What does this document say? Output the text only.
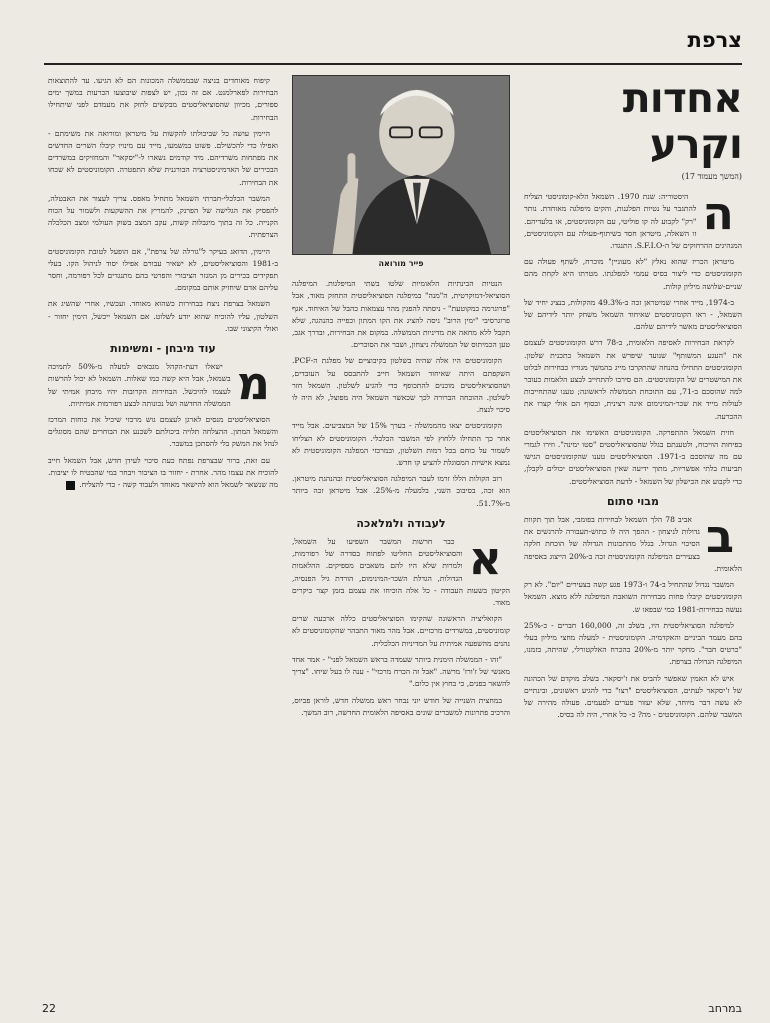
צרפת
אחדות וקרע
(המשך מעמוד 17)

ה
היסטוריה: שנת 1970. השמאל הלא-קומוניסטי הצליח להתגבר על נטיות הפלגנות, והקים מיפלגה מאוחדת. נותר "רק" לקבוע לה קו פוליטי, עם הקומוניסטים, או בלעדיהם. זו השאלה, מיטראן חסד בשיתוף-פעולה עם הקומוניסטים, המנהיגים ההרחוקים של ה-S.F.I.O. התנגדו.

מיטראן הכריז שהוא נאלץ "לא מעוניין" מוכרח, לשתף פעולה עם הקומוניסטים כדי ליצור בסיס עממי למפלגתו. מטרתו היא לקחת מהם שניים-שלושה מיליון קולות.

ב-1974, מייד אחרי שמיטראן זכה ב-49.3% מהקולות, בנציג יחיד של השמאל, - ראו הקומוניסטים שאיחוד השמאל משחק יותר לידיהם של הסוציאליסטים מאשר לידיהם שלהם.

לקראת הבחירות לאסיפה הלאומית, ב-78 דרש הקומוניסטים לעצמם את "העגע המשותף" שנועד שיפרש את השמאל כתכנית שלטון. הקומוניסטים התחילו בהנחה שהתקרבו מייג בהמשך מגוריו כבחירות לבלוט את המישטרים של הקומוניסטים. הם סירבו להתחייב לבצע הלאמות כעובר למה שהוסכם ב-71, עם התוכחת הממשלה לראשונה; טענו שהתחייבות לעולות מייד את שכר-המינימום אינה רצינית, ובסוף הם אולי קצרו את ההכרעה.

חזית השמאל ההתפרקה. הקומוניסטים האשימו את הסוציאליסטים בפיחות הוויכוח, ולטענתם בגלל שהסוציאליסטים "סטו ימינה". וזירו לגמרי עם מה שהוסכם ב-1971. הסוציאליסטים טענו שהקומוניסטים הגישו תביעות בלתי אפשריות, מתוך ידיעה שאין הסוציאליסטים יכולים לקבלן, כדי לקבוע את הכישלון של השמאל - לדעת הסוציאליסטים.

מבוי סתום

ב
אביב 78 הלך השמאל לבחירות בפומבי, אבל תוך תקוות גדולות לניצחון - ההפך היה לו כתוש-תעבורה להרגשים את הסיכוי הגדול. בגלל מהתכונות הגדולה של הוכחת חלקה בצעירים המיפלגה הקומוניסטית זכה ב-20% הייצוג באסיפה הלאומית.

המשבר נגדול שהתחיל ב-74 ו-1973 פגע קשה בצעירים "יום". לא רק הקומוניסטים קיבלו פחות מבחירות השואבת המיפלגה ללא מוצא. השמאל נעשה בבחירות-1981 כמי שבפאו ש.

למיפלגה הסוציאליסטית היו, בשלב זה, 160,000 חברים - כ-25% בהם מעמד הביניים והאקדמיה. הקומוניסטית - למעלה מחצי מיליון בעלי "כרטיס חבר". מחקר יותר מ-20% בהכרח האלקטורלי, שהיתה, בזמנו, המיפלגה הגדולה בצרפת.

איש לא האמין שאפשר להביס את ז'יסקאר. בשלב מוקדם של הכהונה של ז'יסקאר לעתים, הסוציאליסטים "רצו" כדי להגיע ראשונים, ובינתיים לא עשה דבר מיוחד, שלא יעזור פערים לפעמים. פעולה מהירה של המשבר שלהם. הקומוניסטים - מה? כ- כל אחרי, היה לה בסיס.

פייר מורואה

הנטיות הבינתיות הלאומיות שלטו בשתי המיפלגות. המיפלגה הסוציאל-דמוקרטית, ה"מנה" במיפלגה הסוציאליסטית התחזק מאוד, אבל "פרוגרמה כמקוטעת" - ניסתה להפגין מהר עצמאות כהבל של האיחוד. אגף פרוגרסיבי "ימין הרוב" ניסה להציג את הקו המתון וכפייה כהנהגה, שלא תקבל ללא מחאה את מדיניות הממשלה. במקום את הבחירות, ובדרך אגב, טען הכמיתוס של הממשלה ניצחון, ושבר את הסוכרים.

הקומוניסטים היו אלה שהיה בשלטון בקיבוציים של מפלגת ה-PCF. השקפתם היתה שאיחוד השמאל חייב להתבסס על העובדים, ושהסוציאליסטים מוכנים להתכופף כדי להגיע לשלטון. השמאל חזר לשלטון. ההוכחה הברורה לכך שכאשר השמאל היה מפוצל, לא היה לו סיכוי לנצח.

הקומוניסטים יצאו מהממשלה - בערך 15% של המצביעים. אבל מייד אחר כך התחילו ללחוץ לפי המשבר הכלכלי. הקומוניסטים לא הצליחו לשמור על כוחם בכל רמות השלטון, ובמרכזי המפלגה הקומוניסטית לא נמצא אישיות המסוגלת להציע קו חדש.

רוב הקולות הללו זרמו לעבר המיפלגה הסוציאליסטית ובהנהגת מיטראן. הוא זכה, בסיבוב השני, בלמעלה מ-25%. אבל מיטראן זכה ביותר מ-51.7%.

לעבודה ולמלאכה

א
כבר חרשות המשבר השפיעו על השמאל, והסוציאליסטים החליטו לפתוח בסדרה של רפורמות, ולמרות שלא היו להם משאבים מספיקים. ההלאמות הגדולות, הגדלת השכר-המינימום, הורדת גיל הפנסיה, הקיטון בשעות העבודה - כל אלה הוכיחו את עצמם בזמן קצר כיקרים מאוד.

הקואליציה הראשונה שהקימו הסוציאליסטים כללה ארבעה שרים קומוניסטים, במשרדים מרכזיים. אבל מהר מאוד התבהר שהקומוניסטים לא נהנים מהשפעה אמיתית על המדיניות הכלכלית.

"זהו - הממשלה הימנית ביותר שעמדה בראש השמאל לפני" - אמר אחד מאנשי של ז'ורז' מרשה. "אבל זה הכרח מרכזי" - ענה לו בעל שיחו. "צריך להשאר בפנים, כי בחוץ אין כלום."

במחצית השנייה של חודש יוני נבחר ראש ממשלה חדש, לוראן פביוס, והרכיב פתרונות למשברים שונים באסיפה הלאומית החדשה, רוב המשך.

קיפוח מאוחדים בניצה שבממשלה המכונות הם לא הגיעו. עד להתוצאות הבחירות לפארלמנט. אם זה נכון, יש לצפות שיבוצעו הכרעות במשך ימים ספורים, מכיוון שהסוציאליסטים מבקשים לחזק את מעמדם לפני שיתחילו הבחירות.

היימין עושה כל שביכולתו להקשות על מיטראן ומורואה את משימתם - ואפילו כדי להכשילם. פשוט במשמעו, מייד עם מינויו קיבלו השרים החדשים את מפתחות משרדיהם. מיד קודמים נשארו ל-"יסקאר" והמחזיקים במשרדים הבכירים של האדמיניסטרציה הבורגנית שלא התפטרה. הקומוניסטים לא שכחו את הבחירות.

המשבר הכלכלי-חברתי השמאל מתחיל מאפס. צריך לעצור את האבטלה, להפסיק את הגלישה של הפרנק, להמריץ את ההשקעות ולשמור על הכוח הקנייה. כל זה בתוך מיגבלות קשות, עקב המצב בשוק העולמי ומצב הכלכלה הצרפתית.

היימין, הדואג בעיקר ל"גורלה של צרפת", אם הופעל לטובת הקומוניסטים ב-1981 והסוציאליסטים, לא ישאיר עבורם אפילו יסוד לניהול הקו. בעלי תפקידים בכירים מן המגזר הציבורי והפרטי בהם מתנגדים לכל רפורמה, וחסר עליהם אדם שיחזיק אותם במקומם.

השמאל בצרפת ניצח בבחירות כשהוא מאוחד. ועכשיו, אחרי שהשיג את השלטון, עליו להוכיח שהוא יודע לשלוט. אם השמאל ייכשל, הימין יחזור - ואולי הקיצוני שבו.

עוד מיבחן - ומשימות

מ
ישאלו דעת-הקהל מגבאים למעלה מ-50% לתמיכה בשמאל, אבל היא קשה כמו שאלות. השמאל לא יכול להרשות לעצמו להיכשל. הבחירות הקרובות יהיו מיבחן אמיתי של הממשלה החדשה ושל נכונותה לבצע רפורמות אמיתיות.

הסוציאליסטים מנסים לארגן לעצמם גוש מרכזי שיכיל את כוחות המרכז והשמאל המתון. ההצלחה תלויה ביכולתם לשכנע את הבוחרים שהם מסוגלים לנהל את המשק בלי להסתכן במשבר.

עם זאת, ברור שבצרפת נפתח כעת סיכוי לעידן חדש, אבל השמאל חייב להוכיח את עצמו מהר. אחרת - יחזור בו הציבור ויבחר במי שהבטיח לו יציבות. מה שנשאר לשמאל הוא להישאר מאוחד ולעבוד קשה - כדי להצליח.

22	במרחב
